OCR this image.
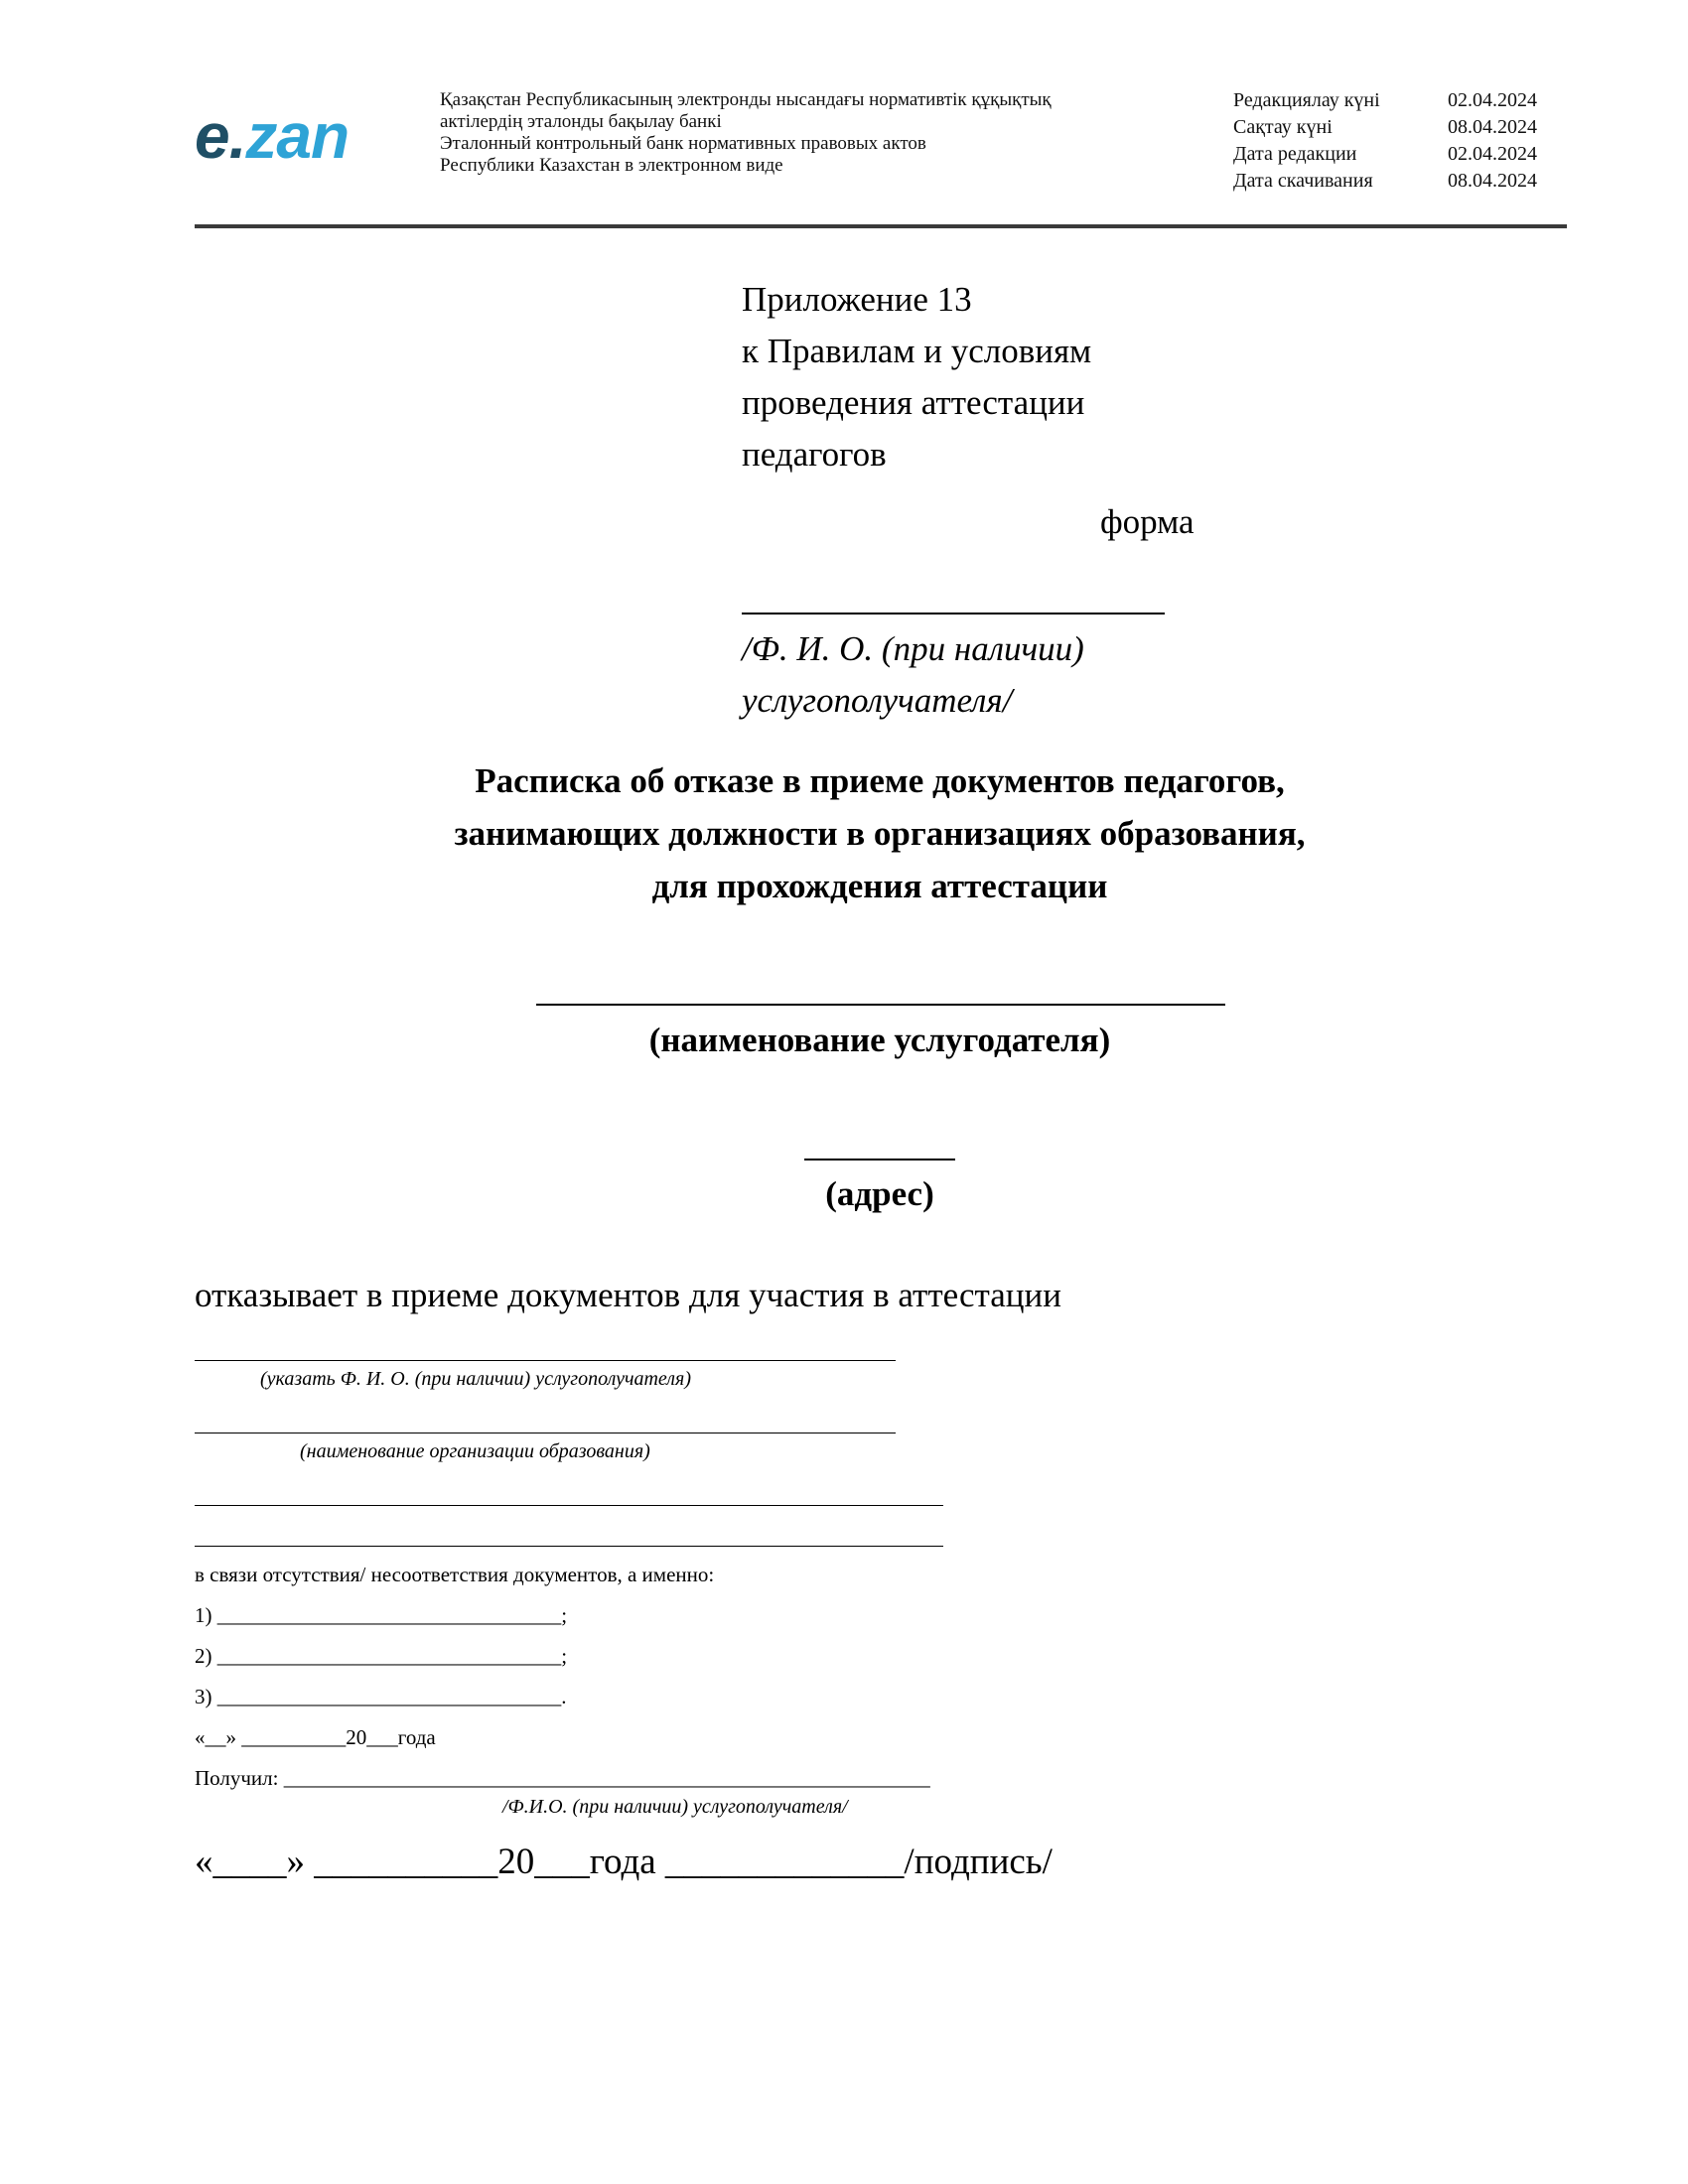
e.zan
Қазақстан Республикасының электронды нысандағы нормативтік құқықтық
актілердің эталонды бақылау банкі
Эталонный контрольный банк нормативных правовых актов
Республики Казахстан в электронном виде
Редакциялау күні	02.04.2024
Сақтау күні	08.04.2024
Дата редакции	02.04.2024
Дата скачивания	08.04.2024
Приложение 13
к Правилам и условиям
проведения аттестации
педагогов
форма
/Ф. И. О. (при наличии)
услугополучателя/
Расписка об отказе в приеме документов педагогов,
занимающих должности в организациях образования,
для прохождения аттестации
(наименование услугодателя)
(адрес)
отказывает в приеме документов для участия в аттестации
(указать Ф. И. О. (при наличии) услугополучателя)
(наименование организации образования)
в связи отсутствия/ несоответствия документов, а именно:
1) _________________________________;
2) _________________________________;
3) _________________________________.
«__» __________20___года
Получил: ______________________________________________________________
/Ф.И.О. (при наличии) услугополучателя/
«____» __________20___года _____________/подпись/
